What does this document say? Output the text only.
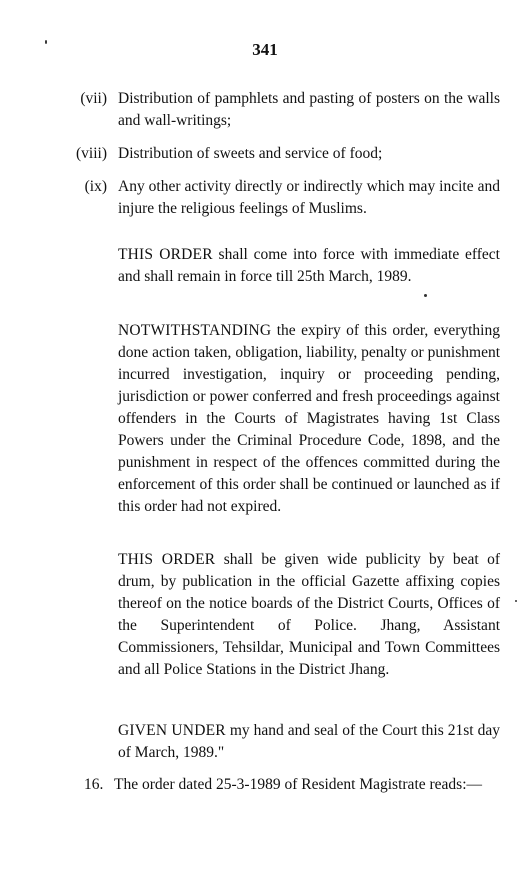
341
(vii) Distribution of pamphlets and pasting of posters on the walls and wall-writings;
(viii) Distribution of sweets and service of food;
(ix) Any other activity directly or indirectly which may incite and injure the religious feelings of Muslims.
THIS ORDER shall come into force with immediate effect and shall remain in force till 25th March, 1989.
NOTWITHSTANDING the expiry of this order, everything done action taken, obligation, liability, penalty or punishment incurred investigation, inquiry or proceeding pending, jurisdiction or power conferred and fresh proceedings against offenders in the Courts of Magistrates having 1st Class Powers under the Criminal Procedure Code, 1898, and the punishment in respect of the offences committed during the enforcement of this order shall be continued or launched as if this order had not expired.
THIS ORDER shall be given wide publicity by beat of drum, by publication in the official Gazette affixing copies thereof on the notice boards of the District Courts, Offices of the Superintendent of Police. Jhang, Assistant Commissioners, Tehsildar, Municipal and Town Committees and all Police Stations in the District Jhang.
GIVEN UNDER my hand and seal of the Court this 21st day of March, 1989."
16. The order dated 25-3-1989 of Resident Magistrate reads:—
